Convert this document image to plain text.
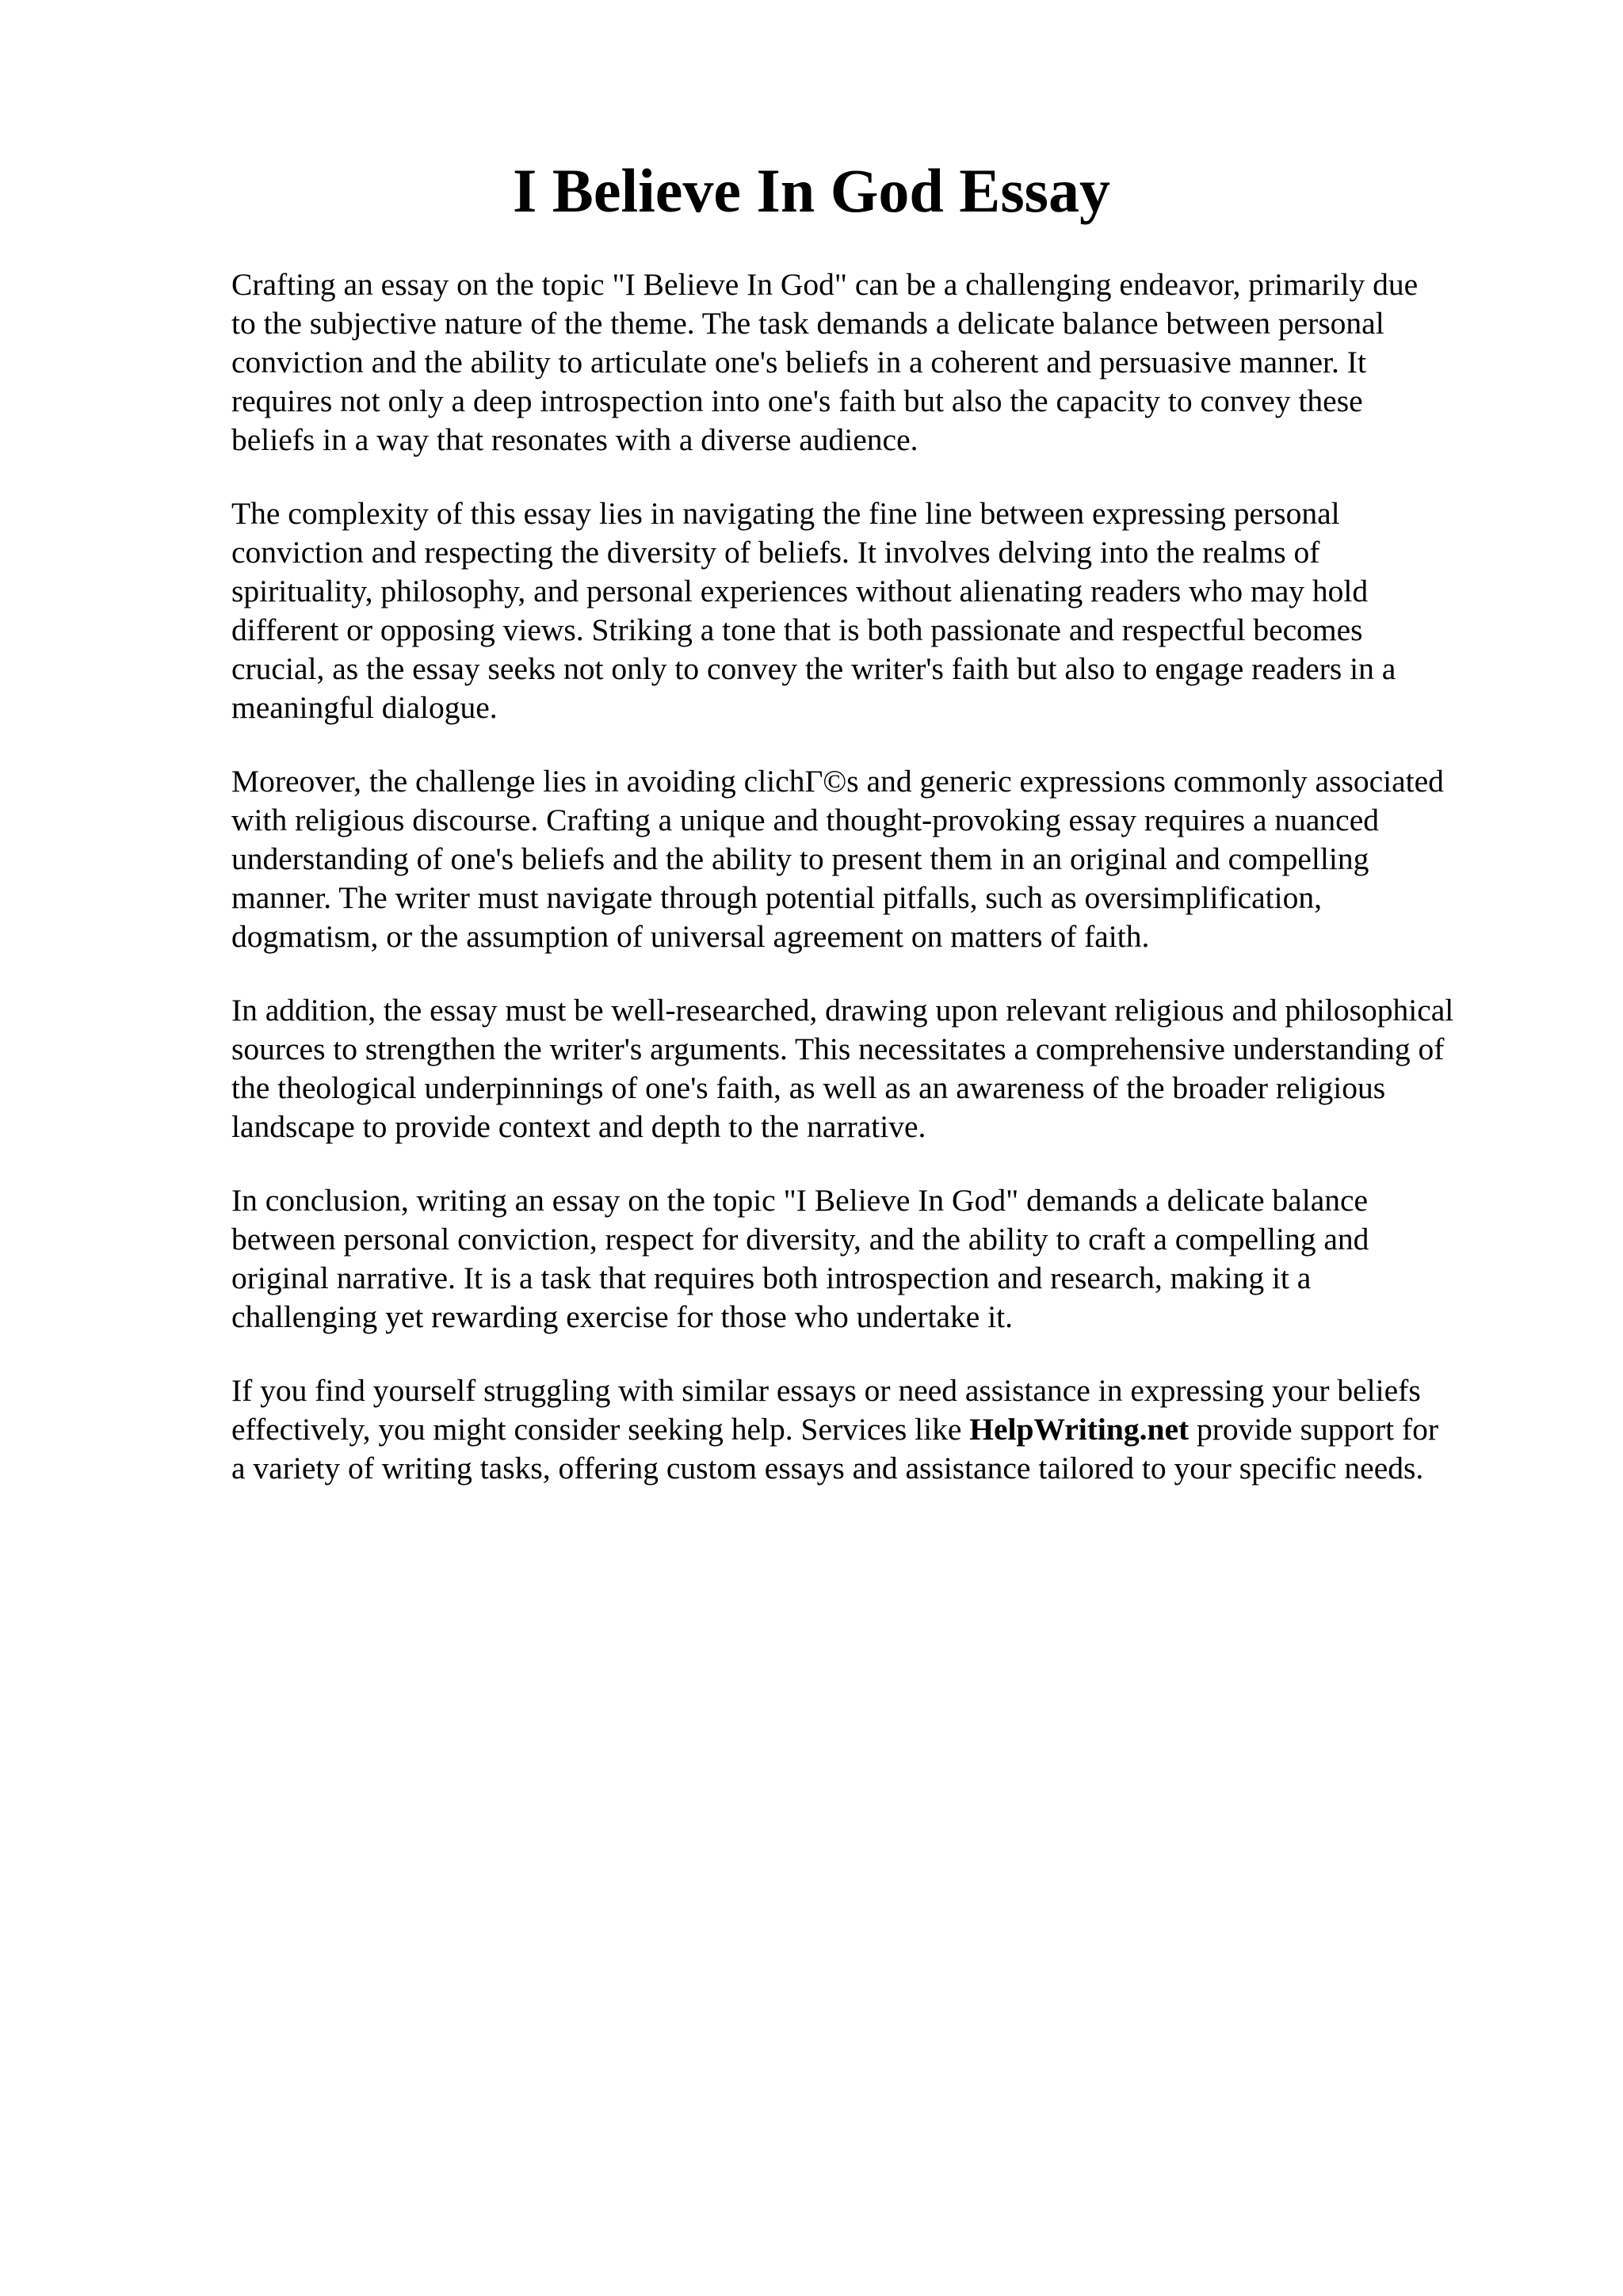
I Believe In God Essay

Crafting an essay on the topic "I Believe In God" can be a challenging endeavor, primarily due
to the subjective nature of the theme. The task demands a delicate balance between personal
conviction and the ability to articulate one's beliefs in a coherent and persuasive manner. It
requires not only a deep introspection into one's faith but also the capacity to convey these
beliefs in a way that resonates with a diverse audience.

The complexity of this essay lies in navigating the fine line between expressing personal
conviction and respecting the diversity of beliefs. It involves delving into the realms of
spirituality, philosophy, and personal experiences without alienating readers who may hold
different or opposing views. Striking a tone that is both passionate and respectful becomes
crucial, as the essay seeks not only to convey the writer's faith but also to engage readers in a
meaningful dialogue.

Moreover, the challenge lies in avoiding clichΓ©s and generic expressions commonly associated
with religious discourse. Crafting a unique and thought-provoking essay requires a nuanced
understanding of one's beliefs and the ability to present them in an original and compelling
manner. The writer must navigate through potential pitfalls, such as oversimplification,
dogmatism, or the assumption of universal agreement on matters of faith.

In addition, the essay must be well-researched, drawing upon relevant religious and philosophical
sources to strengthen the writer's arguments. This necessitates a comprehensive understanding of
the theological underpinnings of one's faith, as well as an awareness of the broader religious
landscape to provide context and depth to the narrative.

In conclusion, writing an essay on the topic "I Believe In God" demands a delicate balance
between personal conviction, respect for diversity, and the ability to craft a compelling and
original narrative. It is a task that requires both introspection and research, making it a
challenging yet rewarding exercise for those who undertake it.

If you find yourself struggling with similar essays or need assistance in expressing your beliefs
effectively, you might consider seeking help. Services like HelpWriting.net provide support for
a variety of writing tasks, offering custom essays and assistance tailored to your specific needs.
